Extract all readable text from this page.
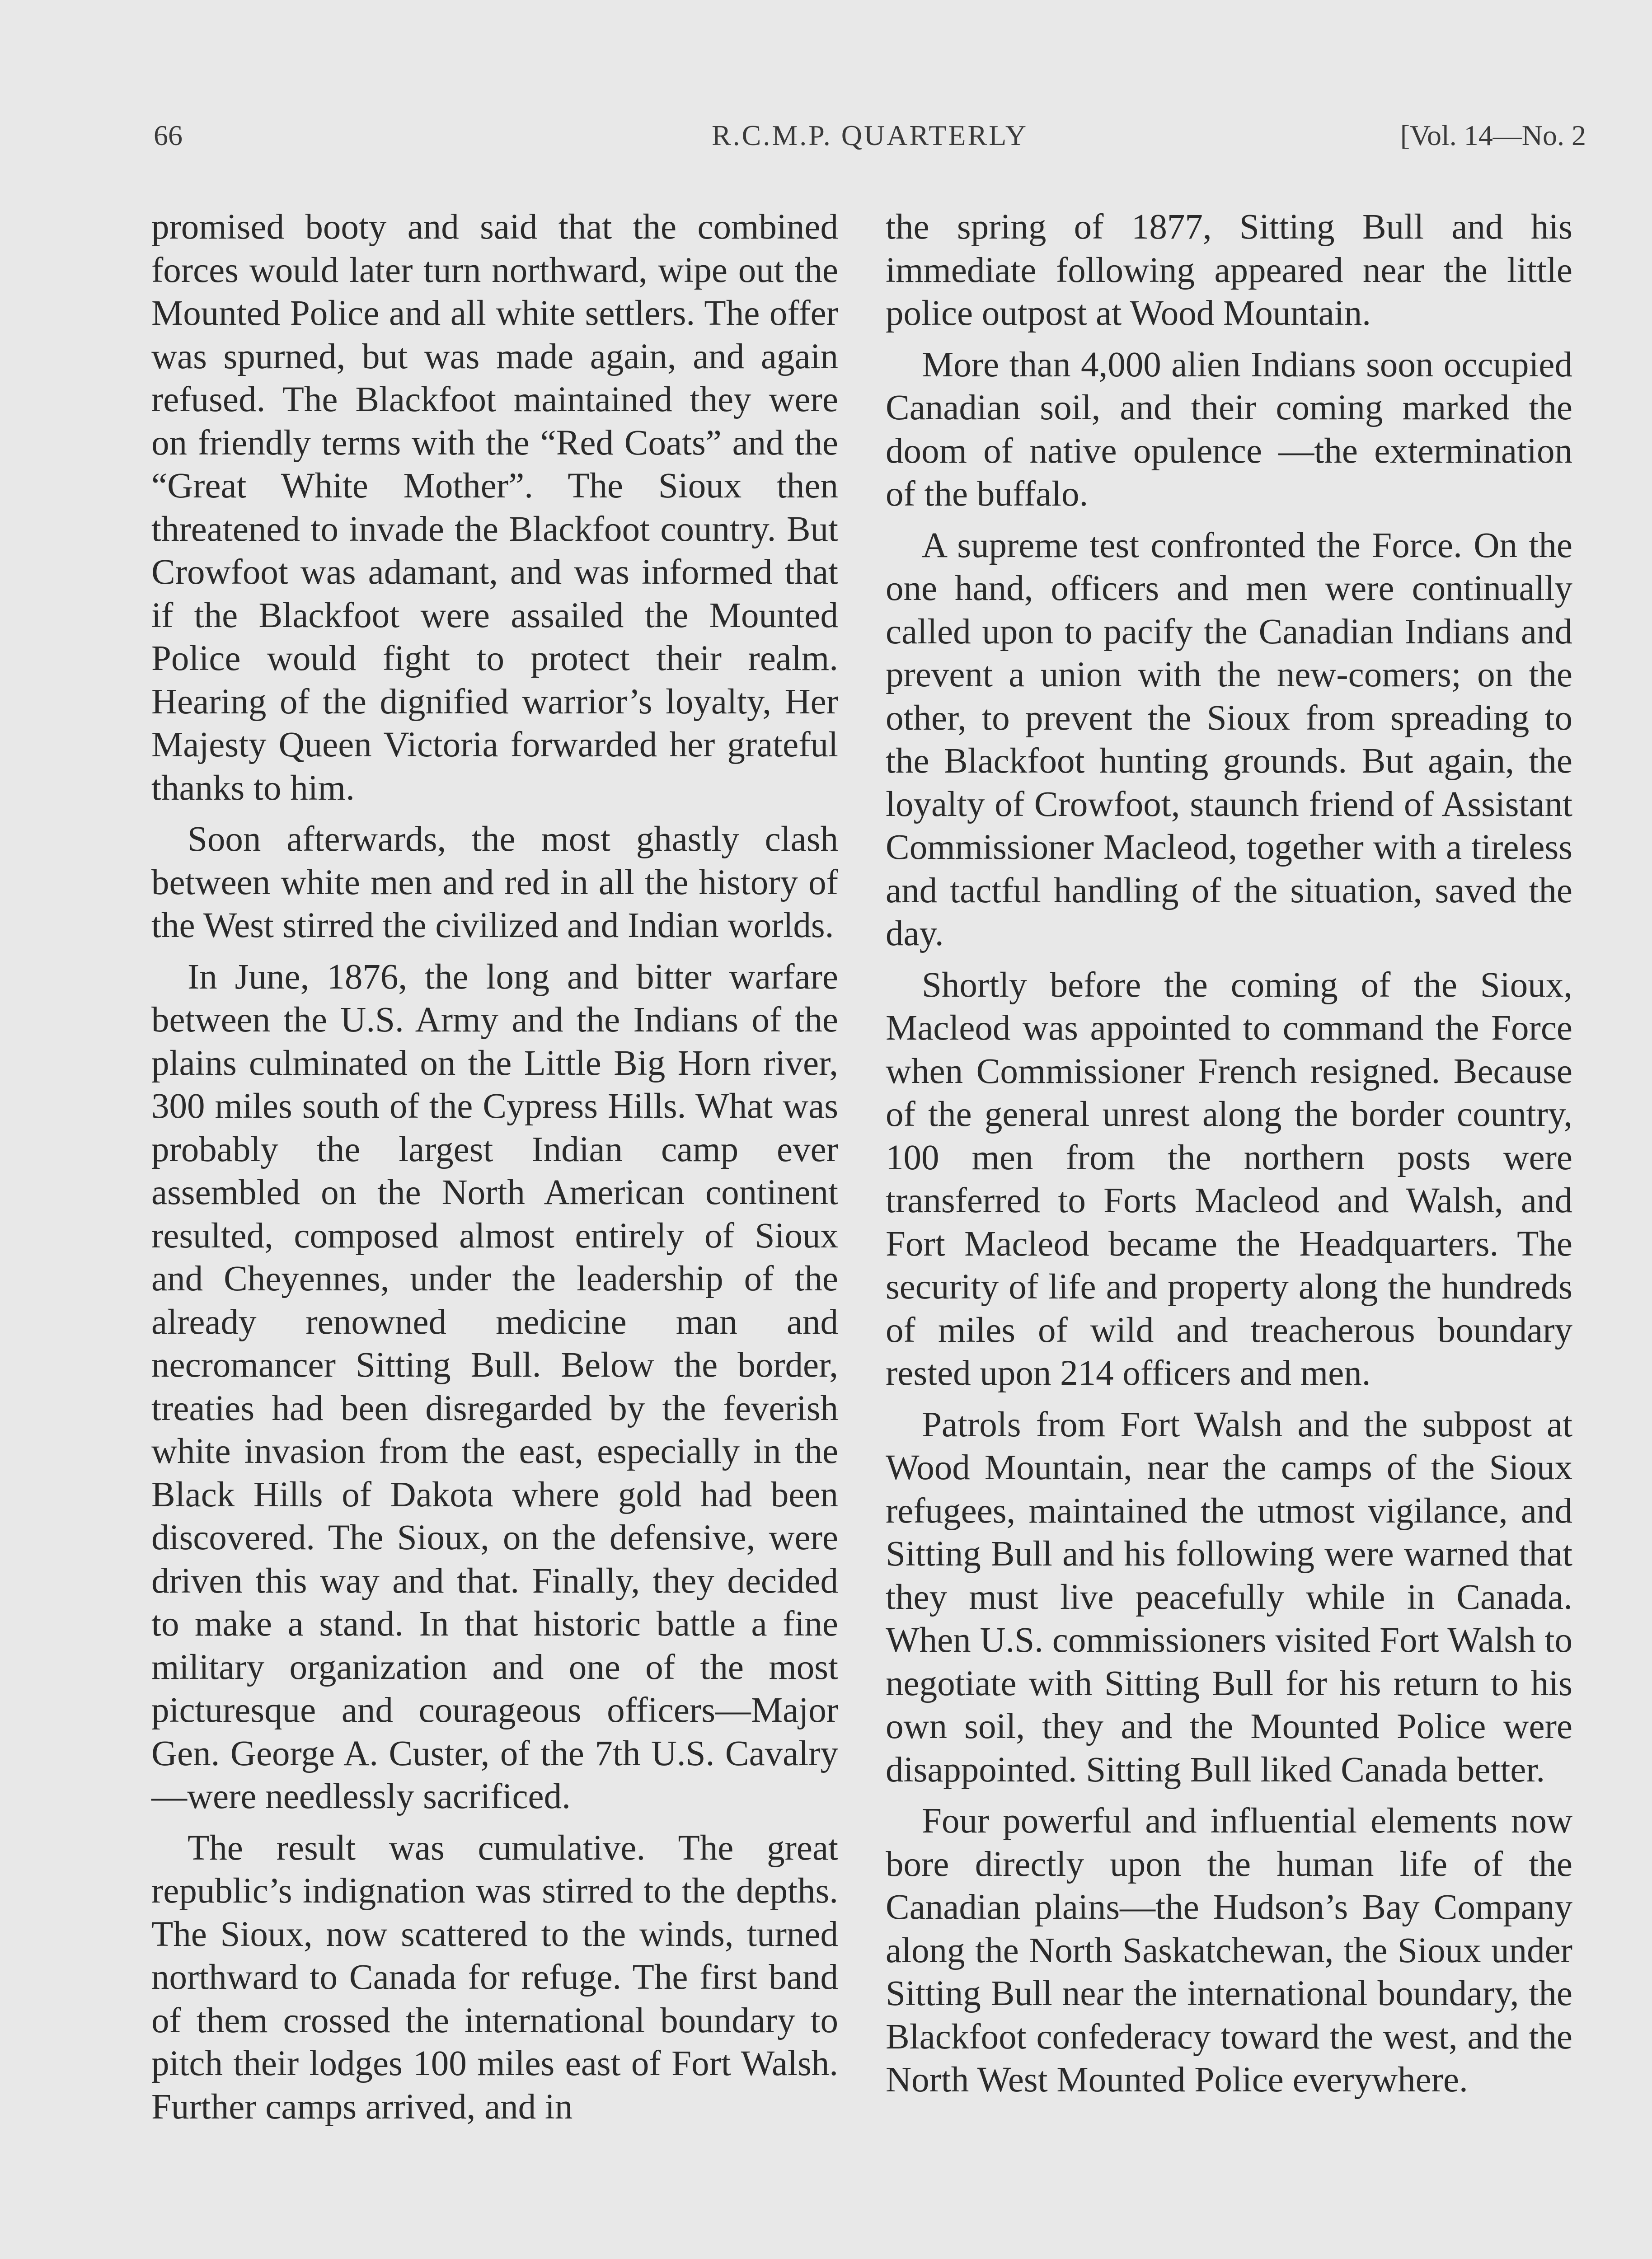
66	R.C.M.P. QUARTERLY	[Vol. 14—No. 2

promised booty and said that the combined forces would later turn northward, wipe out the Mounted Police and all white settlers. The offer was spurned, but was made again, and again refused. The Blackfoot maintained they were on friendly terms with the “Red Coats” and the “Great White Mother”. The Sioux then threatened to invade the Blackfoot country. But Crowfoot was adamant, and was informed that if the Blackfoot were assailed the Mounted Police would fight to protect their realm. Hearing of the dignified warrior’s loyalty, Her Majesty Queen Victoria forwarded her grateful thanks to him.

Soon afterwards, the most ghastly clash between white men and red in all the history of the West stirred the civilized and Indian worlds.

In June, 1876, the long and bitter warfare between the U.S. Army and the Indians of the plains culminated on the Little Big Horn river, 300 miles south of the Cypress Hills. What was probably the largest Indian camp ever assembled on the North American continent resulted, composed almost entirely of Sioux and Cheyennes, under the leadership of the already renowned medicine man and necromancer Sitting Bull. Below the border, treaties had been disregarded by the feverish white invasion from the east, especially in the Black Hills of Dakota where gold had been discovered. The Sioux, on the defensive, were driven this way and that. Finally, they decided to make a stand. In that historic battle a fine military organization and one of the most picturesque and courageous officers—Major Gen. George A. Custer, of the 7th U.S. Cavalry—were needlessly sacrificed.

The result was cumulative. The great republic’s indignation was stirred to the depths. The Sioux, now scattered to the winds, turned northward to Canada for refuge. The first band of them crossed the international boundary to pitch their lodges 100 miles east of Fort Walsh. Further camps arrived, and in

the spring of 1877, Sitting Bull and his immediate following appeared near the little police outpost at Wood Mountain.

More than 4,000 alien Indians soon occupied Canadian soil, and their coming marked the doom of native opulence —the extermination of the buffalo.

A supreme test confronted the Force. On the one hand, officers and men were continually called upon to pacify the Canadian Indians and prevent a union with the new-comers; on the other, to prevent the Sioux from spreading to the Blackfoot hunting grounds. But again, the loyalty of Crowfoot, staunch friend of Assistant Commissioner Macleod, together with a tireless and tactful handling of the situation, saved the day.

Shortly before the coming of the Sioux, Macleod was appointed to command the Force when Commissioner French resigned. Because of the general unrest along the border country, 100 men from the northern posts were transferred to Forts Macleod and Walsh, and Fort Macleod became the Headquarters. The security of life and property along the hundreds of miles of wild and treacherous boundary rested upon 214 officers and men.

Patrols from Fort Walsh and the subpost at Wood Mountain, near the camps of the Sioux refugees, maintained the utmost vigilance, and Sitting Bull and his following were warned that they must live peacefully while in Canada. When U.S. commissioners visited Fort Walsh to negotiate with Sitting Bull for his return to his own soil, they and the Mounted Police were disappointed. Sitting Bull liked Canada better.

Four powerful and influential elements now bore directly upon the human life of the Canadian plains—the Hudson’s Bay Company along the North Saskatchewan, the Sioux under Sitting Bull near the international boundary, the Blackfoot confederacy toward the west, and the North West Mounted Police everywhere.
